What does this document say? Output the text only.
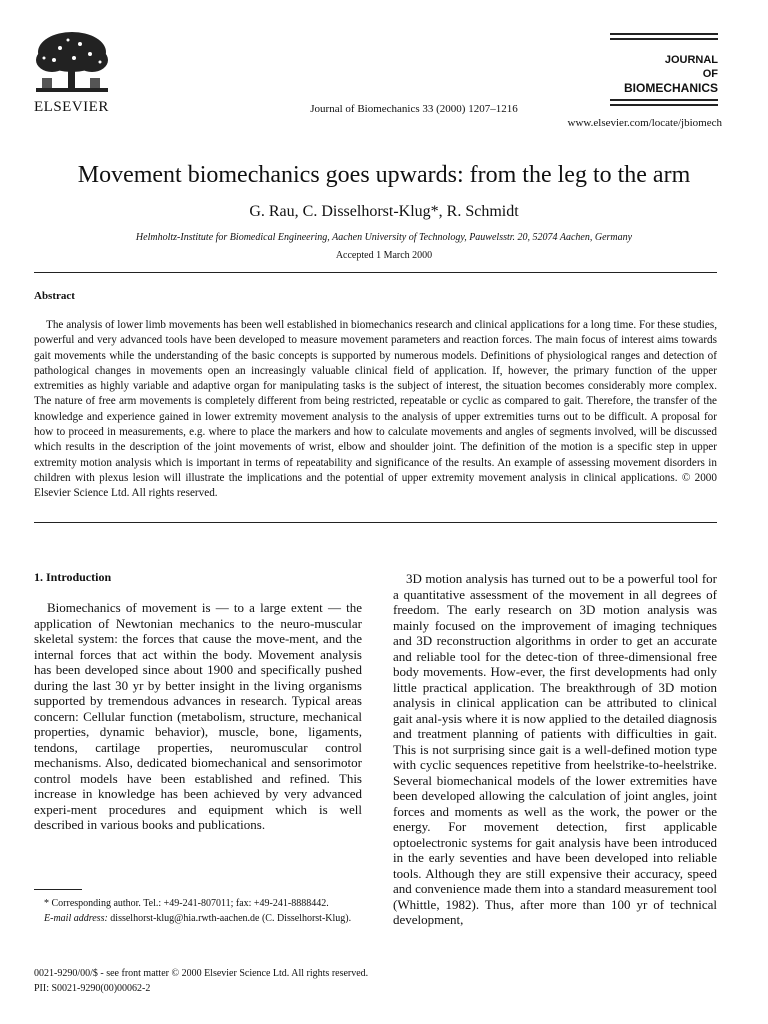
ELSEVIER	Journal of Biomechanics 33 (2000) 1207–1216
JOURNAL
OF
BIOMECHANICS
www.elsevier.com/locate/jbiomech
Movement biomechanics goes upwards: from the leg to the arm
G. Rau, C. Disselhorst-Klug*, R. Schmidt
Helmholtz-Institute for Biomedical Engineering, Aachen University of Technology, Pauwelsstr. 20, 52074 Aachen, Germany
Accepted 1 March 2000
Abstract
The analysis of lower limb movements has been well established in biomechanics research and clinical applications for a long time. For these studies, powerful and very advanced tools have been developed to measure movement parameters and reaction forces. The main focus of interest aims towards gait movements while the understanding of the basic concepts is supported by numerous models. Definitions of physiological ranges and detection of pathological changes in movements open an increasingly valuable clinical field of application. If, however, the primary function of the upper extremities as highly variable and adaptive organ for manipulating tasks is the subject of interest, the situation becomes considerably more complex. The nature of free arm movements is completely different from being restricted, repeatable or cyclic as compared to gait. Therefore, the transfer of the knowledge and experience gained in lower extremity movement analysis to the analysis of upper extremities turns out to be difficult. A proposal for how to proceed in measurements, e.g. where to place the markers and how to calculate movements and angles of segments involved, will be discussed which results in the description of the joint movements of wrist, elbow and shoulder joint. The definition of the motion is a specific step in upper extremity motion analysis which is important in terms of repeatability and significance of the results. An example of assessing movement disorders in children with plexus lesion will illustrate the implications and the potential of upper extremity movement analysis in clinical applications. © 2000 Elsevier Science Ltd. All rights reserved.
1. Introduction
Biomechanics of movement is — to a large extent — the application of Newtonian mechanics to the neuro-muscular skeletal system: the forces that cause the move-ment, and the internal forces that act within the body. Movement analysis has been developed since about 1900 and specifically pushed during the last 30 yr by better insight in the living organisms supported by tremendous advances in research. Typical areas concern: Cellular function (metabolism, structure, mechanical properties, dynamic behavior), muscle, bone, ligaments, tendons, cartilage properties, neuromuscular control mechanisms. Also, dedicated biomechanical and sensorimotor control models have been established and refined. This increase in knowledge has been achieved by very advanced experi-ment procedures and equipment which is well described in various books and publications.
3D motion analysis has turned out to be a powerful tool for a quantitative assessment of the movement in all degrees of freedom. The early research on 3D motion analysis was mainly focused on the improvement of imaging techniques and 3D reconstruction algorithms in order to get an accurate and reliable tool for the detec-tion of three-dimensional free body movements. How-ever, the first developments had only little practical application. The breakthrough of 3D motion analysis in clinical application can be attributed to clinical gait anal-ysis where it is now applied to the detailed diagnosis and treatment planning of patients with difficulties in gait. This is not surprising since gait is a well-defined motion type with cyclic sequences repetitive from heelstrike-to-heelstrike. Several biomechanical models of the lower extremities have been developed allowing the calculation of joint angles, joint forces and moments as well as the work, the power or the energy. For movement detection, first applicable optoelectronic systems for gait analysis have been introduced in the early seventies and have been developed into reliable tools. Although they are still expensive their accuracy, speed and convenience made them into a standard measurement tool (Whittle, 1982). Thus, after more than 100 yr of technical development,
* Corresponding author. Tel.: +49-241-807011; fax: +49-241-8888442.
E-mail address: disselhorst-klug@hia.rwth-aachen.de (C. Disselhorst-Klug).
0021-9290/00/$ - see front matter © 2000 Elsevier Science Ltd. All rights reserved.
PII: S0021-9290(00)00062-2
